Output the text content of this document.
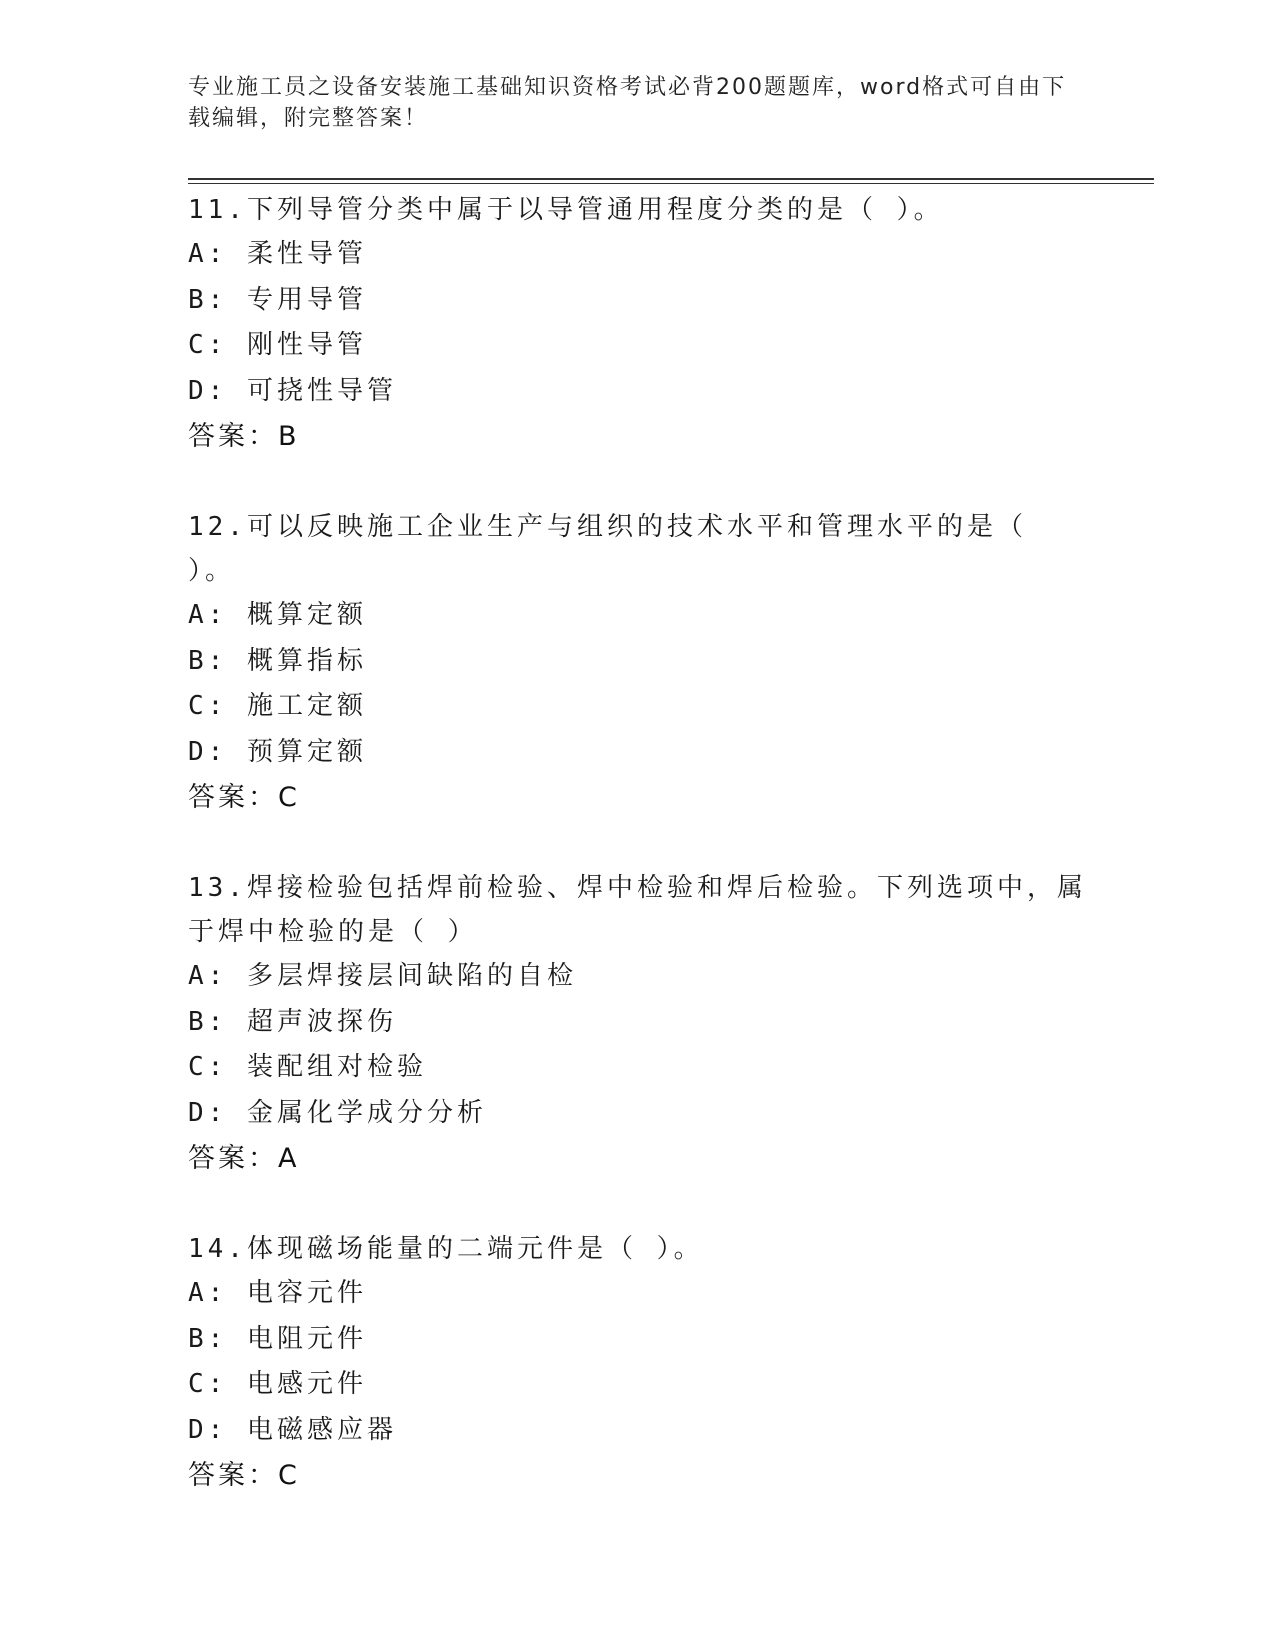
专业施工员之设备安装施工基础知识资格考试必背200题题库，word格式可自由下载编辑，附完整答案！
11.下列导管分类中属于以导管通用程度分类的是（ ）。
A: 柔性导管
B: 专用导管
C: 刚性导管
D: 可挠性导管
答案：B
12.可以反映施工企业生产与组织的技术水平和管理水平的是（ ）。
A: 概算定额
B: 概算指标
C: 施工定额
D: 预算定额
答案：C
13.焊接检验包括焊前检验、焊中检验和焊后检验。下列选项中，属于焊中检验的是（ ）
A: 多层焊接层间缺陷的自检
B: 超声波探伤
C: 装配组对检验
D: 金属化学成分分析
答案：A
14.体现磁场能量的二端元件是（ ）。
A: 电容元件
B: 电阻元件
C: 电感元件
D: 电磁感应器
答案：C
